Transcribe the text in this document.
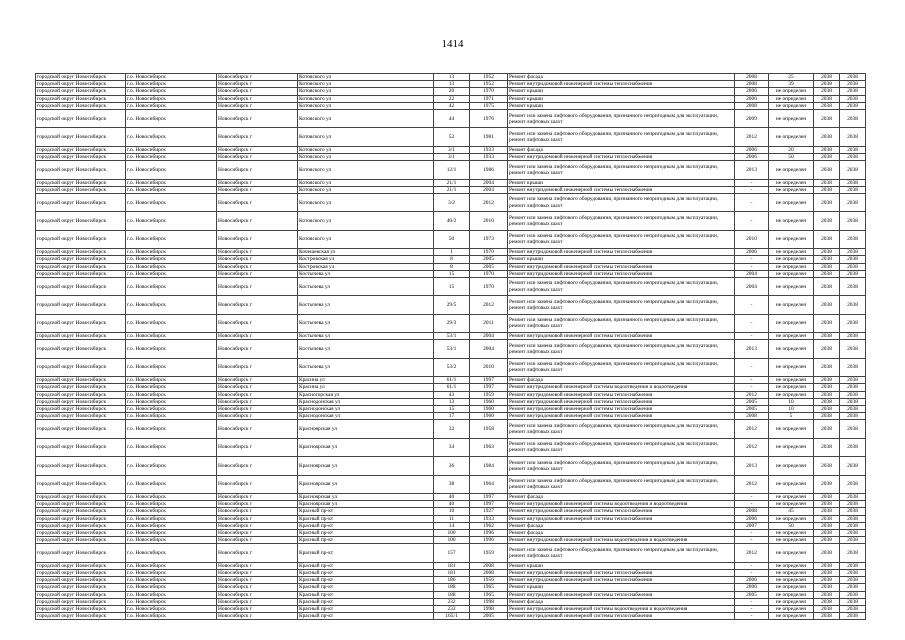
1414
городской округ Новосибирск	г.о. Новосибирск	Новосибирск г	Котовского ул	13	1952	Ремонт фасада	2008	25	2038	2038
городской округ Новосибирск	г.о. Новосибирск	Новосибирск г	Котовского ул	13	1952	Ремонт внутридомовой инженерной системы теплоснабжения	2008	39	2038	2038
городской округ Новосибирск	г.о. Новосибирск	Новосибирск г	Котовского ул	20	1970	Ремонт крыши	2006	не определен	2038	2038
городской округ Новосибирск	г.о. Новосибирск	Новосибирск г	Котовского ул	22	1971	Ремонт крыши	2006	не определен	2038	2038
городской округ Новосибирск	г.о. Новосибирск	Новосибирск г	Котовского ул	42	1975	Ремонт крыши	2008	не определен	2038	2038
городской округ Новосибирск	г.о. Новосибирск	Новосибирск г	Котовского ул	44	1976	Ремонт или замена лифтового оборудования, признанного непригодным для эксплуатации, ремонт лифтовых шахт	2009	не определен	2038	2038
городской округ Новосибирск	г.о. Новосибирск	Новосибирск г	Котовского ул	52	1981	Ремонт или замена лифтового оборудования, признанного непригодным для эксплуатации, ремонт лифтовых шахт	2012	не определен	2038	2038
городской округ Новосибирск	г.о. Новосибирск	Новосибирск г	Котовского ул	3/1	1933	Ремонт фасада	2006	20	2038	2038
городской округ Новосибирск	г.о. Новосибирск	Новосибирск г	Котовского ул	3/1	1933	Ремонт внутридомовой инженерной системы теплоснабжения	2006	50	2038	2038
городской округ Новосибирск	г.о. Новосибирск	Новосибирск г	Котовского ул	12/1	1986	Ремонт или замена лифтового оборудования, признанного непригодным для эксплуатации, ремонт лифтовых шахт	2013	не определен	2038	2038
городской округ Новосибирск	г.о. Новосибирск	Новосибирск г	Котовского ул	21/1	2004	Ремонт крыши	-	не определен	2038	2038
городской округ Новосибирск	г.о. Новосибирск	Новосибирск г	Котовского ул	21/1	2004	Ремонт внутридомовой инженерной системы теплоснабжения	-	не определен	2038	2038
городской округ Новосибирск	г.о. Новосибирск	Новосибирск г	Котовского ул	3/2	2012	Ремонт или замена лифтового оборудования, признанного непригодным для эксплуатации, ремонт лифтовых шахт	-	не определен	2038	2038
городской округ Новосибирск	г.о. Новосибирск	Новосибирск г	Котовского ул	40/2	2010	Ремонт или замена лифтового оборудования, признанного непригодным для эксплуатации, ремонт лифтовых шахт	-	не определен	2038	2038
городской округ Новосибирск	г.о. Новосибирск	Новосибирск г	Котовского ул	50	1973	Ремонт или замена лифтового оборудования, признанного непригодным для эксплуатации, ремонт лифтовых шахт	2010	не определен	2038	2038
городской округ Новосибирск	г.о. Новосибирск	Новосибирск г	Кочешевская ул	1	1970	Ремонт внутридомовой инженерной системы теплоснабжения	2006	не определен	2038	2038
городской округ Новосибирск	г.о. Новосибирск	Новосибирск г	Костровская ул	8	2005	Ремонт крыши	-	не определен	2038	2038
городской округ Новосибирск	г.о. Новосибирск	Новосибирск г	Костровская ул	8	2005	Ремонт внутридомовой инженерной системы теплоснабжения	-	не определен	2038	2038
городской округ Новосибирск	г.о. Новосибирск	Новосибирск г	Костычева ул	15	1970	Ремонт внутридомовой инженерной системы теплоснабжения	2004	не определен	2038	2038
городской округ Новосибирск	г.о. Новосибирск	Новосибирск г	Костычева ул	15	1970	Ремонт или замена лифтового оборудования, признанного непригодным для эксплуатации, ремонт лифтовых шахт	2004	не определен	2038	2038
городской округ Новосибирск	г.о. Новосибирск	Новосибирск г	Костычева ул	29/5	2012	Ремонт или замена лифтового оборудования, признанного непригодным для эксплуатации, ремонт лифтовых шахт	-	не определен	2038	2038
городской округ Новосибирск	г.о. Новосибирск	Новосибирск г	Костычева ул	29/3	2011	Ремонт или замена лифтового оборудования, признанного непригодным для эксплуатации, ремонт лифтовых шахт	-	не определен	2038	2038
городской округ Новосибирск	г.о. Новосибирск	Новосибирск г	Костычева ул	53/1	2004	Ремонт внутридомовой инженерной системы теплоснабжения	-	не определен	2038	2038
городской округ Новосибирск	г.о. Новосибирск	Новосибирск г	Костычева ул	53/1	2004	Ремонт или замена лифтового оборудования, признанного непригодным для эксплуатации, ремонт лифтовых шахт	2013	не определен	2038	2038
городской округ Новосибирск	г.о. Новосибирск	Новосибирск г	Костычева ул	53/2	2010	Ремонт или замена лифтового оборудования, признанного непригодным для эксплуатации, ремонт лифтовых шахт	-	не определен	2038	2038
городской округ Новосибирск	г.о. Новосибирск	Новосибирск г	Красина ул	61/1	1997	Ремонт фасада	-	не определен	2038	2038
городской округ Новосибирск	г.о. Новосибирск	Новосибирск г	Красина ул	61/1	1997	Ремонт внутридомовой инженерной системы водоотведения и водоотведения	-	не определен	2038	2038
городской округ Новосибирск	г.о. Новосибирск	Новосибирск г	Красногорская ул	43	1959	Ремонт внутридомовой инженерной системы теплоснабжения	2012	не определен	2038	2038
городской округ Новосибирск	г.о. Новосибирск	Новосибирск г	Краснодонская ул	13	1960	Ремонт внутридомовой инженерной системы теплоснабжения	2005	10	2038	2038
городской округ Новосибирск	г.о. Новосибирск	Новосибирск г	Краснодонская ул	15	1960	Ремонт внутридомовой инженерной системы теплоснабжения	2005	10	2038	2038
городской округ Новосибирск	г.о. Новосибирск	Новосибирск г	Краснодонская ул	17	1960	Ремонт внутридомовой инженерной системы теплоснабжения	2008	5	2038	2038
городской округ Новосибирск	г.о. Новосибирск	Новосибирск г	Красноярская ул	32	1958	Ремонт или замена лифтового оборудования, признанного непригодным для эксплуатации, ремонт лифтовых шахт	2012	не определен	2038	2038
городской округ Новосибирск	г.о. Новосибирск	Новосибирск г	Красноярская ул	34	1963	Ремонт или замена лифтового оборудования, признанного непригодным для эксплуатации, ремонт лифтовых шахт	2012	не определен	2038	2038
городской округ Новосибирск	г.о. Новосибирск	Новосибирск г	Красноярская ул	36	1984	Ремонт или замена лифтового оборудования, признанного непригодным для эксплуатации, ремонт лифтовых шахт	2013	не определен	2038	2038
городской округ Новосибирск	г.о. Новосибирск	Новосибирск г	Красноярская ул	38	1964	Ремонт или замена лифтового оборудования, признанного непригодным для эксплуатации, ремонт лифтовых шахт	2012	не определен	2038	2038
городской округ Новосибирск	г.о. Новосибирск	Новосибирск г	Красноярская ул	40	1997	Ремонт фасада	-	не определен	2038	2038
городской округ Новосибирск	г.о. Новосибирск	Новосибирск г	Красноярская ул	40	1997	Ремонт внутридомовой инженерной системы водоотведения и водоотведения	-	не определен	2038	2038
городской округ Новосибирск	г.о. Новосибирск	Новосибирск г	Красный пр-кт	10	1927	Ремонт внутридомовой инженерной системы теплоснабжения	2008	45	2038	2038
городской округ Новосибирск	г.о. Новосибирск	Новосибирск г	Красный пр-кт	11	1933	Ремонт внутридомовой инженерной системы теплоснабжения	2006	не определен	2038	2038
городской округ Новосибирск	г.о. Новосибирск	Новосибирск г	Красный пр-кт	14	1962	Ремонт фасада	2007	50	2038	2038
городской округ Новосибирск	г.о. Новосибирск	Новосибирск г	Красный пр-кт	100	1996	Ремонт фасада	-	не определен	2038	2038
городской округ Новосибирск	г.о. Новосибирск	Новосибирск г	Красный пр-кт	100	1996	Ремонт внутридомовой инженерной системы водоотведения и водоотведения	-	не определен	2038	2038
городской округ Новосибирск	г.о. Новосибирск	Новосибирск г	Красный пр-кт	157	1959	Ремонт или замена лифтового оборудования, признанного непригодным для эксплуатации, ремонт лифтовых шахт	2012	не определен	2038	2038
городской округ Новосибирск	г.о. Новосибирск	Новосибирск г	Красный пр-кт	181	2008	Ремонт крыши	-	не определен	2038	2038
городской округ Новосибирск	г.о. Новосибирск	Новосибирск г	Красный пр-кт	181	2008	Ремонт внутридомовой инженерной системы теплоснабжения	-	не определен	2038	2038
городской округ Новосибирск	г.о. Новосибирск	Новосибирск г	Красный пр-кт	186	1956	Ремонт внутридомовой инженерной системы теплоснабжения	2006	не определен	2038	2038
городской округ Новосибирск	г.о. Новосибирск	Новосибирск г	Красный пр-кт	188	1965	Ремонт крыши	2006	не определен	2038	2038
городской округ Новосибирск	г.о. Новосибирск	Новосибирск г	Красный пр-кт	188	1965	Ремонт внутридомовой инженерной системы теплоснабжения	2005	не определен	2038	2038
городской округ Новосибирск	г.о. Новосибирск	Новосибирск г	Красный пр-кт	232	1998	Ремонт фасада	-	не определен	2038	2038
городской округ Новосибирск	г.о. Новосибирск	Новосибирск г	Красный пр-кт	232	1998	Ремонт внутридомовой инженерной системы водоотведения и водоотведения	-	не определен	2038	2038
городской округ Новосибирск	г.о. Новосибирск	Новосибирск г	Красный пр-кт	165/1	2005	Ремонт внутридомовой инженерной системы теплоснабжения	-	не определен	2038	2038
